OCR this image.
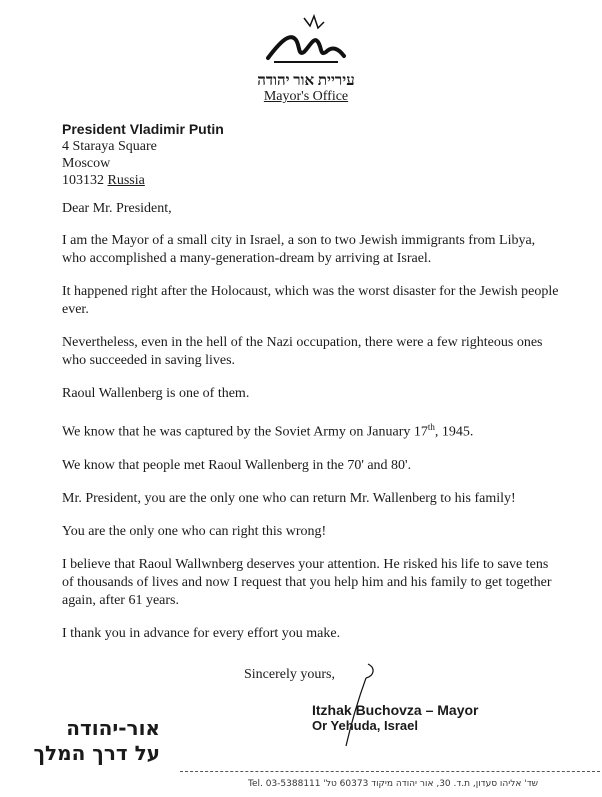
עיריית אור יהודה
Mayor's Office
President Vladimir Putin
4 Staraya Square
Moscow
103132 Russia
Dear Mr. President,

I am the Mayor of a small city in Israel, a son to two Jewish immigrants from Libya, who accomplished a many-generation-dream by arriving at Israel.

It happened right after the Holocaust, which was the worst disaster for the Jewish people ever.

Nevertheless, even in the hell of the Nazi occupation, there were a few righteous ones who succeeded in saving lives.

Raoul Wallenberg is one of them.

We know that he was captured by the Soviet Army on January 17th, 1945.

We know that people met Raoul Wallenberg in the 70' and 80'.

Mr. President, you are the only one who can return Mr. Wallenberg to his family!

You are the only one who can right this wrong!

I believe that Raoul Wallwnberg deserves your attention. He risked his life to save tens of thousands of lives and now I request that you help him and his family to get together again, after 61 years.

I thank you in advance for every effort you make.

Sincerely yours,
Itzhak Buchovza – Mayor
Or Yehuda, Israel
אור-יהודה
על דרך המלך
שד' אליהו סעדון, ת.ד. 30, אור יהודה מיקוד 60373 טל' Tel. 03-5388111
